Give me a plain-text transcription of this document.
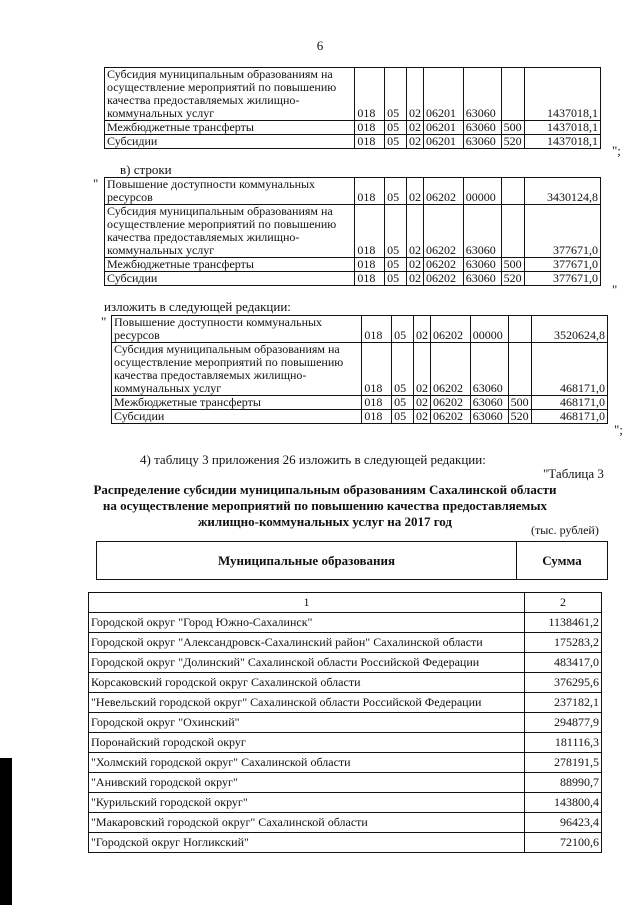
6
Субсидия муниципальным образованиям на осуществление мероприятий по повышению качества предоставляемых жилищно-коммунальных услуг	018	05	02	06201	63060		1437018,1
Межбюджетные трансферты	018	05	02	06201	63060	500	1437018,1
Субсидии	018	05	02	06201	63060	520	1437018,1
";
в) строки
" Повышение доступности коммунальных ресурсов	018	05	02	06202	00000		3430124,8
Субсидия муниципальным образованиям на осуществление мероприятий по повышению качества предоставляемых жилищно-коммунальных услуг	018	05	02	06202	63060		377671,0
Межбюджетные трансферты	018	05	02	06202	63060	500	377671,0
Субсидии	018	05	02	06202	63060	520	377671,0
"
изложить в следующей редакции:
" Повышение доступности коммунальных ресурсов	018	05	02	06202	00000		3520624,8
Субсидия муниципальным образованиям на осуществление мероприятий по повышению качества предоставляемых жилищно-коммунальных услуг	018	05	02	06202	63060		468171,0
Межбюджетные трансферты	018	05	02	06202	63060	500	468171,0
Субсидии	018	05	02	06202	63060	520	468171,0
";
4) таблицу 3 приложения 26 изложить в следующей редакции:
"Таблица 3
Распределение субсидии муниципальным образованиям Сахалинской области на осуществление мероприятий по повышению качества предоставляемых жилищно-коммунальных услуг на 2017 год
(тыс. рублей)
Муниципальные образования	Сумма
1	2
Городской округ "Город Южно-Сахалинск"	1138461,2
Городской округ "Александровск-Сахалинский район" Сахалинской области	175283,2
Городской округ "Долинский" Сахалинской области Российской Федерации	483417,0
Корсаковский городской округ Сахалинской области	376295,6
"Невельский городской округ" Сахалинской области Российской Федерации	237182,1
Городской округ "Охинский"	294877,9
Поронайский городской округ	181116,3
"Холмский городской округ" Сахалинской области	278191,5
"Анивский городской округ"	88990,7
"Курильский городской округ"	143800,4
"Макаровский городской округ" Сахалинской области	96423,4
"Городской округ Ногликский"	72100,6
